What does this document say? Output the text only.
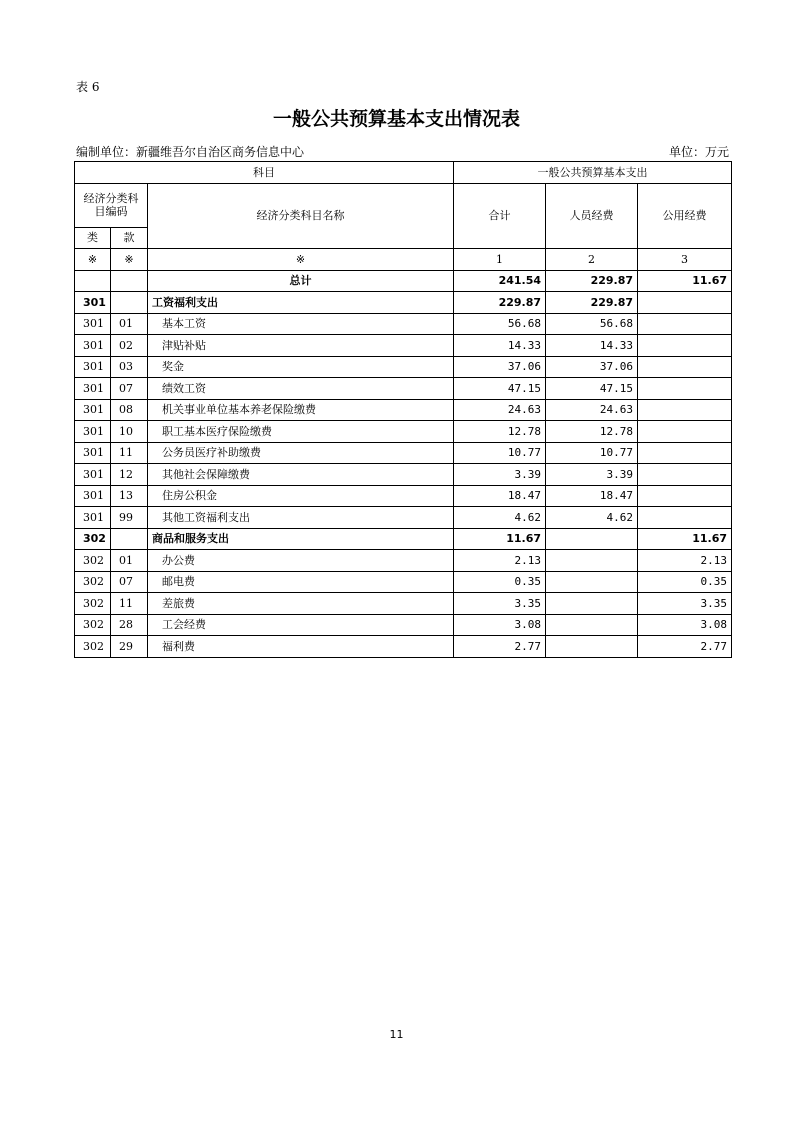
表 6
一般公共预算基本支出情况表
编制单位：新疆维吾尔自治区商务信息中心	单位：万元
科目			一般公共预算基本支出		
经济分类科目编码		经济分类科目名称	合计	人员经费	公用经费
类	款				
※	※	※	1	2	3
		总计	241.54	229.87	11.67
301		工资福利支出	229.87	229.87	
301	01	基本工资	56.68	56.68	
301	02	津贴补贴	14.33	14.33	
301	03	奖金	37.06	37.06	
301	07	绩效工资	47.15	47.15	
301	08	机关事业单位基本养老保险缴费	24.63	24.63	
301	10	职工基本医疗保险缴费	12.78	12.78	
301	11	公务员医疗补助缴费	10.77	10.77	
301	12	其他社会保障缴费	3.39	3.39	
301	13	住房公积金	18.47	18.47	
301	99	其他工资福利支出	4.62	4.62	
302		商品和服务支出	11.67		11.67
302	01	办公费	2.13		2.13
302	07	邮电费	0.35		0.35
302	11	差旅费	3.35		3.35
302	28	工会经费	3.08		3.08
302	29	福利费	2.77		2.77
11
